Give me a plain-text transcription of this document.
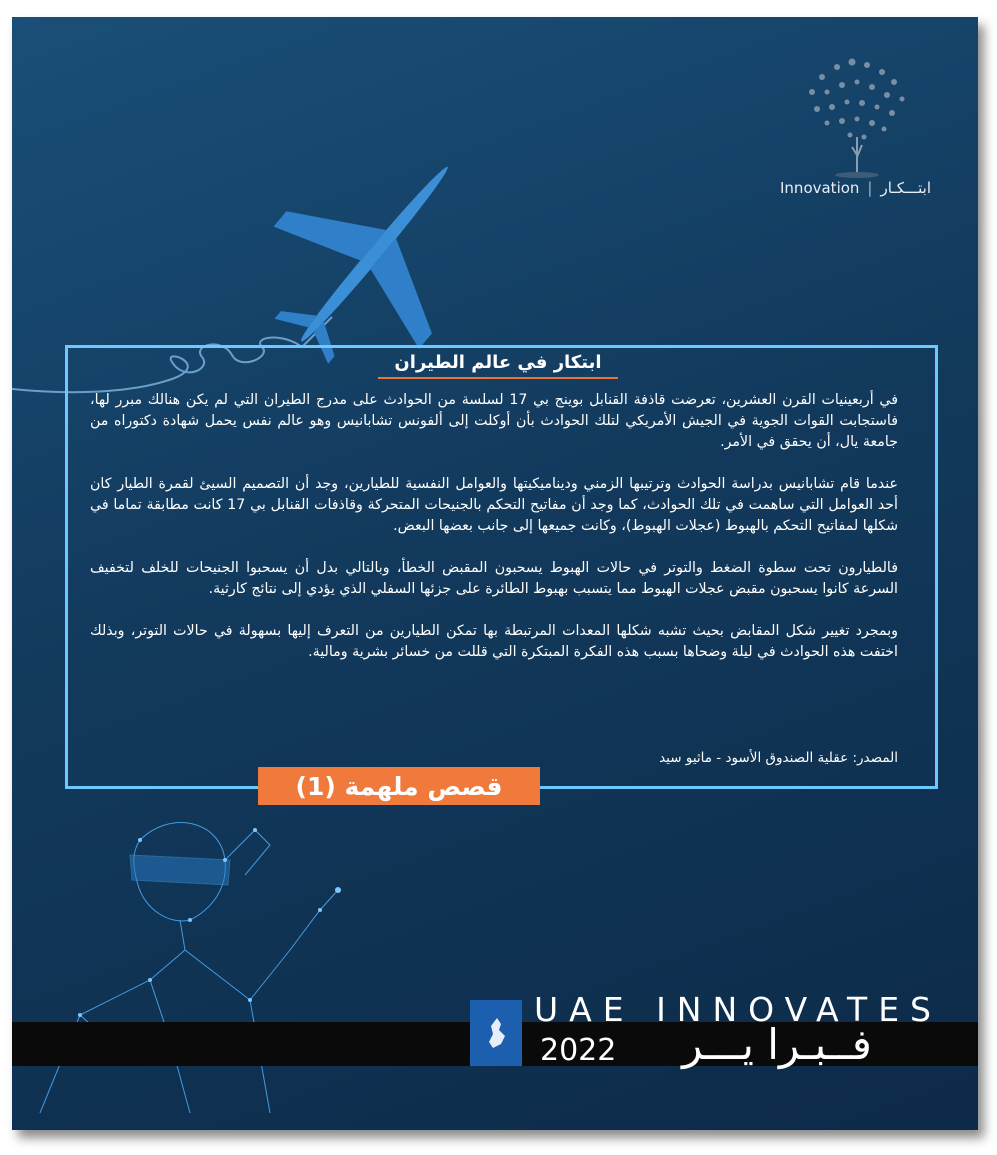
Innovation | ابتـــكـار
ابتكار في عالم الطيران

في أربعينيات القرن العشرين، تعرضت قاذفة القنابل بوينج بي 17 لسلسة من الحوادث على مدرج الطيران التي لم يكن هنالك مبرر لها، فاستجابت القوات الجوية في الجيش الأمريكي لتلك الحوادث بأن أوكلت إلى ألفونس تشابانيس وهو عالم نفس يحمل شهادة دكتوراه من جامعة يال، أن يحقق في الأمر.

عندما قام تشابانيس بدراسة الحوادث وترتيبها الزمني وديناميكيتها والعوامل النفسية للطيارين، وجد أن التصميم السيئ لقمرة الطيار كان أحد العوامل التي ساهمت في تلك الحوادث، كما وجد أن مفاتيح التحكم بالجنيحات المتحركة وقاذفات القنابل بي 17 كانت مطابقة تماما في شكلها لمفاتيح التحكم بالهبوط (عجلات الهبوط)، وكانت جميعها إلى جانب بعضها البعض.

فالطيارون تحت سطوة الضغط والتوتر في حالات الهبوط يسحبون المقبض الخطأ، وبالتالي بدل أن يسحبوا الجنيحات للخلف لتخفيف السرعة كانوا يسحبون مقبض عجلات الهبوط مما يتسبب بهبوط الطائرة على جزئها السفلي الذي يؤدي إلى نتائج كارثية.

وبمجرد تغيير شكل المقابض بحيث تشبه شكلها المعدات المرتبطة بها تمكن الطيارين من التعرف إليها بسهولة في حالات التوتر، وبذلك اختفت هذه الحوادث في ليلة وضحاها بسبب هذه الفكرة المبتكرة التي قللت من خسائر بشرية ومالية.

المصدر: عقلية الصندوق الأسود - ماثيو سيد
قصص ملهمة (1)
UAE INNOVATES
2022	فــبـرا يـــر
